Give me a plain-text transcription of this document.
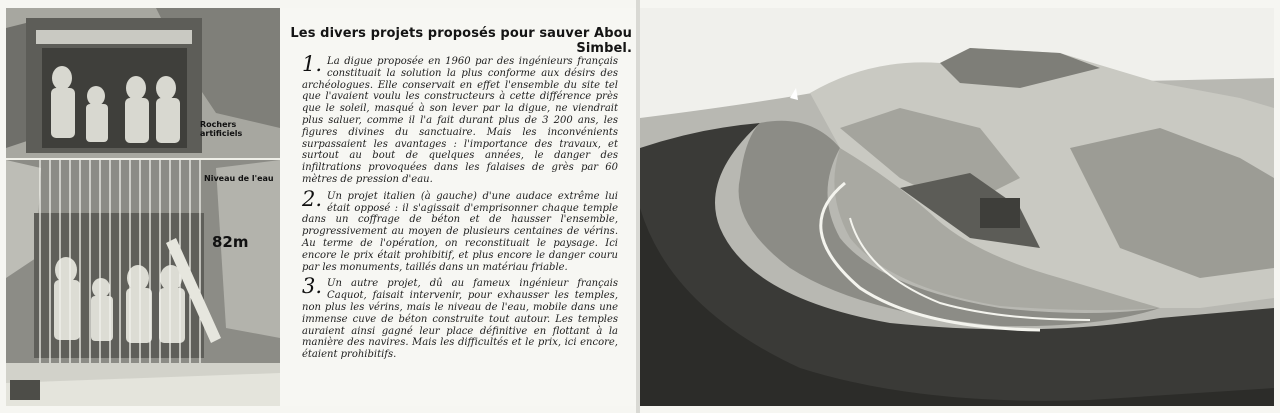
Rochers artificiels
Niveau de l'eau
82m
Les divers projets proposés pour sauver Abou Simbel.
1. La digue proposée en 1960 par des ingénieurs français constituait la solution la plus conforme aux désirs des archéologues. Elle conservait en effet l'ensemble du site tel que l'avaient voulu les constructeurs à cette différence près que le soleil, masqué à son lever par la digue, ne viendrait plus saluer, comme il l'a fait durant plus de 3 200 ans, les figures divines du sanctuaire. Mais les inconvénients surpassaient les avantages : l'importance des travaux, et surtout au bout de quelques années, le danger des infiltrations provoquées dans les falaises de grès par 60 mètres de pression d'eau.
2. Un projet italien (à gauche) d'une audace extrême lui était opposé : il s'agissait d'emprisonner chaque temple dans un coffrage de béton et de hausser l'ensemble, progressivement au moyen de plusieurs centaines de vérins. Au terme de l'opération, on reconstituait le paysage. Ici encore le prix était prohibitif, et plus encore le danger couru par les monuments, taillés dans un matériau friable.
3. Un autre projet, dû au fameux ingénieur français Caquot, faisait intervenir, pour exhausser les temples, non plus les vérins, mais le niveau de l'eau, mobile dans une immense cuve de béton construite tout autour. Les temples auraient ainsi gagné leur place définitive en flottant à la manière des navires. Mais les difficultés et le prix, ici encore, étaient prohibitifs.
